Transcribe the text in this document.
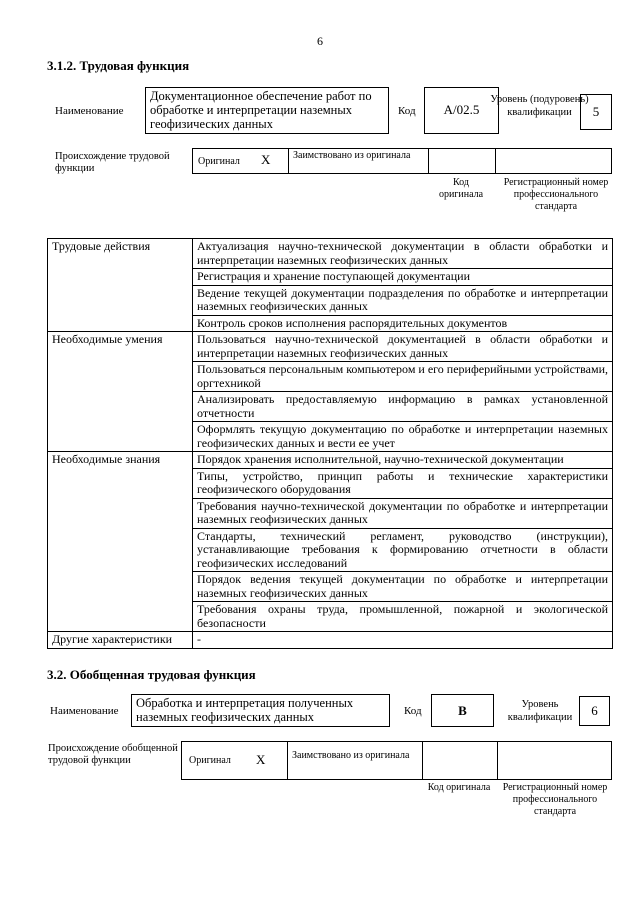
6
3.1.2. Трудовая функция
Наименование
Документационное обеспечение работ по обработке и интерпретации наземных геофизических данных
Код	А/02.5
Уровень (подуровень) квалификации	5
Происхождение трудовой функции
Оригинал Х Заимствовано из оригинала
Код оригинала
Регистрационный номер профессионального стандарта
Трудовые действия	Актуализация научно-технической документации в области обработки и интерпретации наземных геофизических данных
	Регистрация и хранение поступающей документации
	Ведение текущей документации подразделения по обработке и интерпретации наземных геофизических данных
	Контроль сроков исполнения распорядительных документов
Необходимые умения	Пользоваться научно-технической документацией в области обработки и интерпретации наземных геофизических данных
	Пользоваться персональным компьютером и его периферийными устройствами, оргтехникой
	Анализировать предоставляемую информацию в рамках установленной отчетности
	Оформлять текущую документацию по обработке и интерпретации наземных геофизических данных и вести ее учет
Необходимые знания	Порядок хранения исполнительной, научно-технической документации
	Типы, устройство, принцип работы и технические характеристики геофизического оборудования
	Требования научно-технической документации по обработке и интерпретации наземных геофизических данных
	Стандарты, технический регламент, руководство (инструкции), устанавливающие требования к формированию отчетности в области геофизических исследований
	Порядок ведения текущей документации по обработке и интерпретации наземных геофизических данных
	Требования охраны труда, промышленной, пожарной и экологической безопасности
Другие характеристики	-
3.2. Обобщенная трудовая функция
Наименование
Обработка и интерпретация полученных наземных геофизических данных	Код	В	Уровень квалификации	6
Происхождение обобщенной трудовой функции	Оригинал Х	Заимствовано из оригинала
Код оригинала Регистрационный номер профессионального стандарта
